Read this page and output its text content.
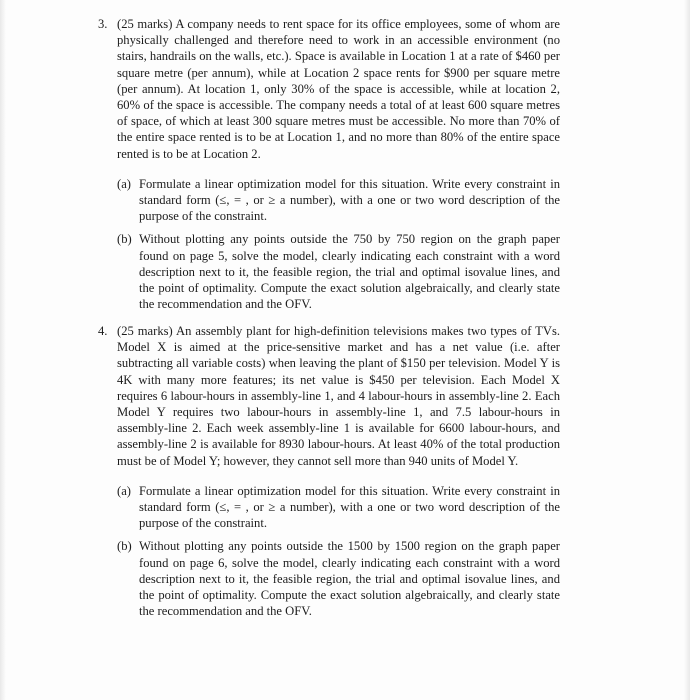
3. (25 marks) A company needs to rent space for its office employees, some of whom are physically challenged and therefore need to work in an accessible environment (no stairs, handrails on the walls, etc.). Space is available in Location 1 at a rate of $460 per square metre (per annum), while at Location 2 space rents for $900 per square metre (per annum). At location 1, only 30% of the space is accessible, while at location 2, 60% of the space is accessible. The company needs a total of at least 600 square metres of space, of which at least 300 square metres must be accessible. No more than 70% of the entire space rented is to be at Location 1, and no more than 80% of the entire space rented is to be at Location 2.
(a) Formulate a linear optimization model for this situation. Write every constraint in standard form (≤, = , or ≥ a number), with a one or two word description of the purpose of the constraint.
(b) Without plotting any points outside the 750 by 750 region on the graph paper found on page 5, solve the model, clearly indicating each constraint with a word description next to it, the feasible region, the trial and optimal isovalue lines, and the point of optimality. Compute the exact solution algebraically, and clearly state the recommendation and the OFV.
4. (25 marks) An assembly plant for high-definition televisions makes two types of TVs. Model X is aimed at the price-sensitive market and has a net value (i.e. after subtracting all variable costs) when leaving the plant of $150 per television. Model Y is 4K with many more features; its net value is $450 per television. Each Model X requires 6 labour-hours in assembly-line 1, and 4 labour-hours in assembly-line 2. Each Model Y requires two labour-hours in assembly-line 1, and 7.5 labour-hours in assembly-line 2. Each week assembly-line 1 is available for 6600 labour-hours, and assembly-line 2 is available for 8930 labour-hours. At least 40% of the total production must be of Model Y; however, they cannot sell more than 940 units of Model Y.
(a) Formulate a linear optimization model for this situation. Write every constraint in standard form (≤, = , or ≥ a number), with a one or two word description of the purpose of the constraint.
(b) Without plotting any points outside the 1500 by 1500 region on the graph paper found on page 6, solve the model, clearly indicating each constraint with a word description next to it, the feasible region, the trial and optimal isovalue lines, and the point of optimality. Compute the exact solution algebraically, and clearly state the recommendation and the OFV.
